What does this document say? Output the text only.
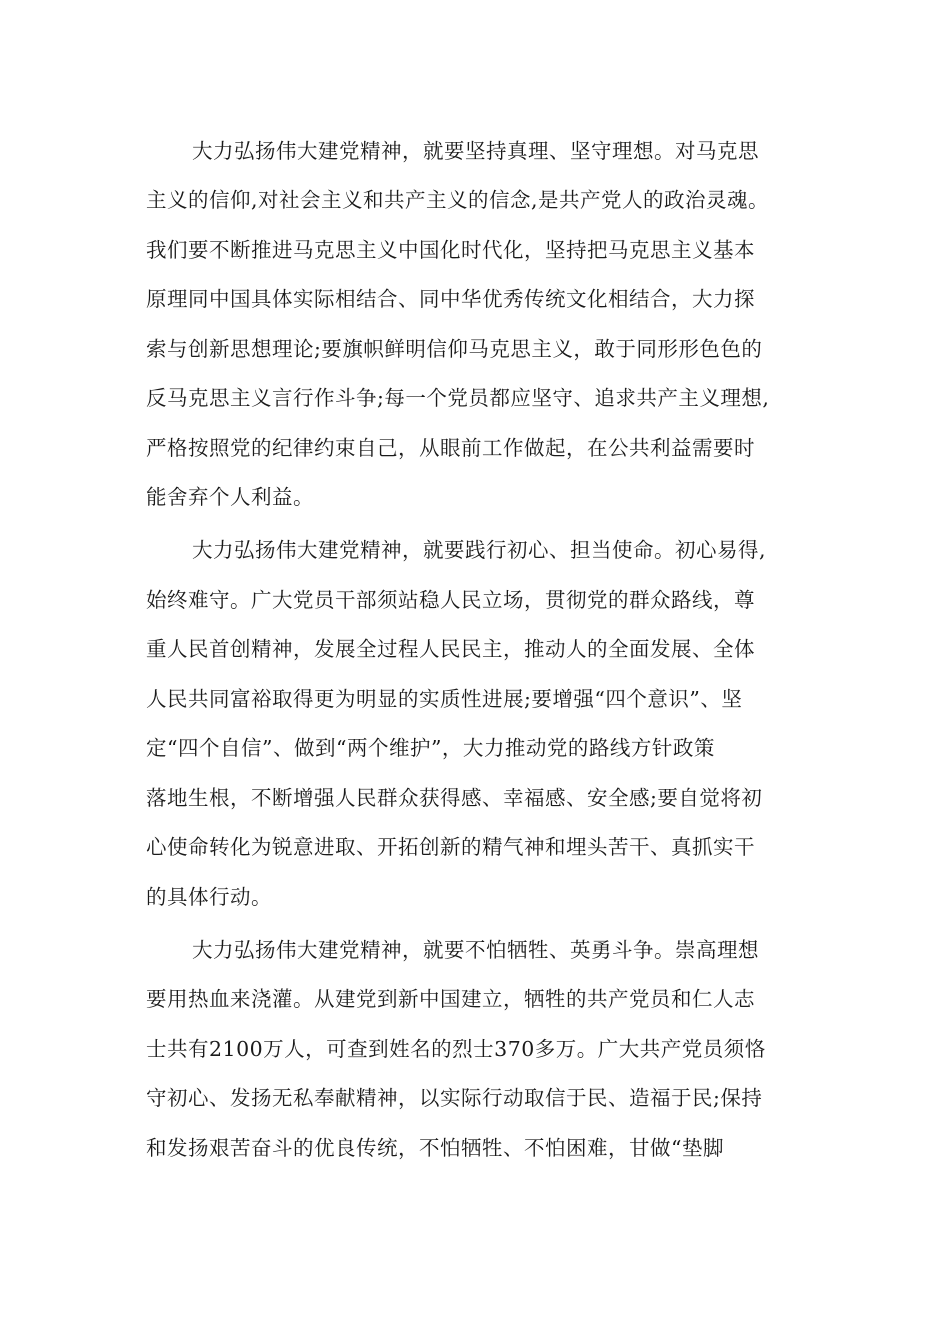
大力弘扬伟大建党精神，就要坚持真理、坚守理想。对马克思
主义的信仰,对社会主义和共产主义的信念,是共产党人的政治灵魂。
我们要不断推进马克思主义中国化时代化，坚持把马克思主义基本
原理同中国具体实际相结合、同中华优秀传统文化相结合，大力探
索与创新思想理论;要旗帜鲜明信仰马克思主义，敢于同形形色色的
反马克思主义言行作斗争;每一个党员都应坚守、追求共产主义理想,
严格按照党的纪律约束自己，从眼前工作做起，在公共利益需要时
能舍弃个人利益。
大力弘扬伟大建党精神，就要践行初心、担当使命。初心易得,
始终难守。广大党员干部须站稳人民立场，贯彻党的群众路线，尊
重人民首创精神，发展全过程人民民主，推动人的全面发展、全体
人民共同富裕取得更为明显的实质性进展;要增强“四个意识”、坚
定“四个自信”、做到“两个维护”，大力推动党的路线方针政策
落地生根，不断增强人民群众获得感、幸福感、安全感;要自觉将初
心使命转化为锐意进取、开拓创新的精气神和埋头苦干、真抓实干
的具体行动。
大力弘扬伟大建党精神，就要不怕牺牲、英勇斗争。崇高理想
要用热血来浇灌。从建党到新中国建立，牺牲的共产党员和仁人志
士共有2100万人，可查到姓名的烈士370多万。广大共产党员须恪
守初心、发扬无私奉献精神，以实际行动取信于民、造福于民;保持
和发扬艰苦奋斗的优良传统，不怕牺牲、不怕困难，甘做“垫脚
